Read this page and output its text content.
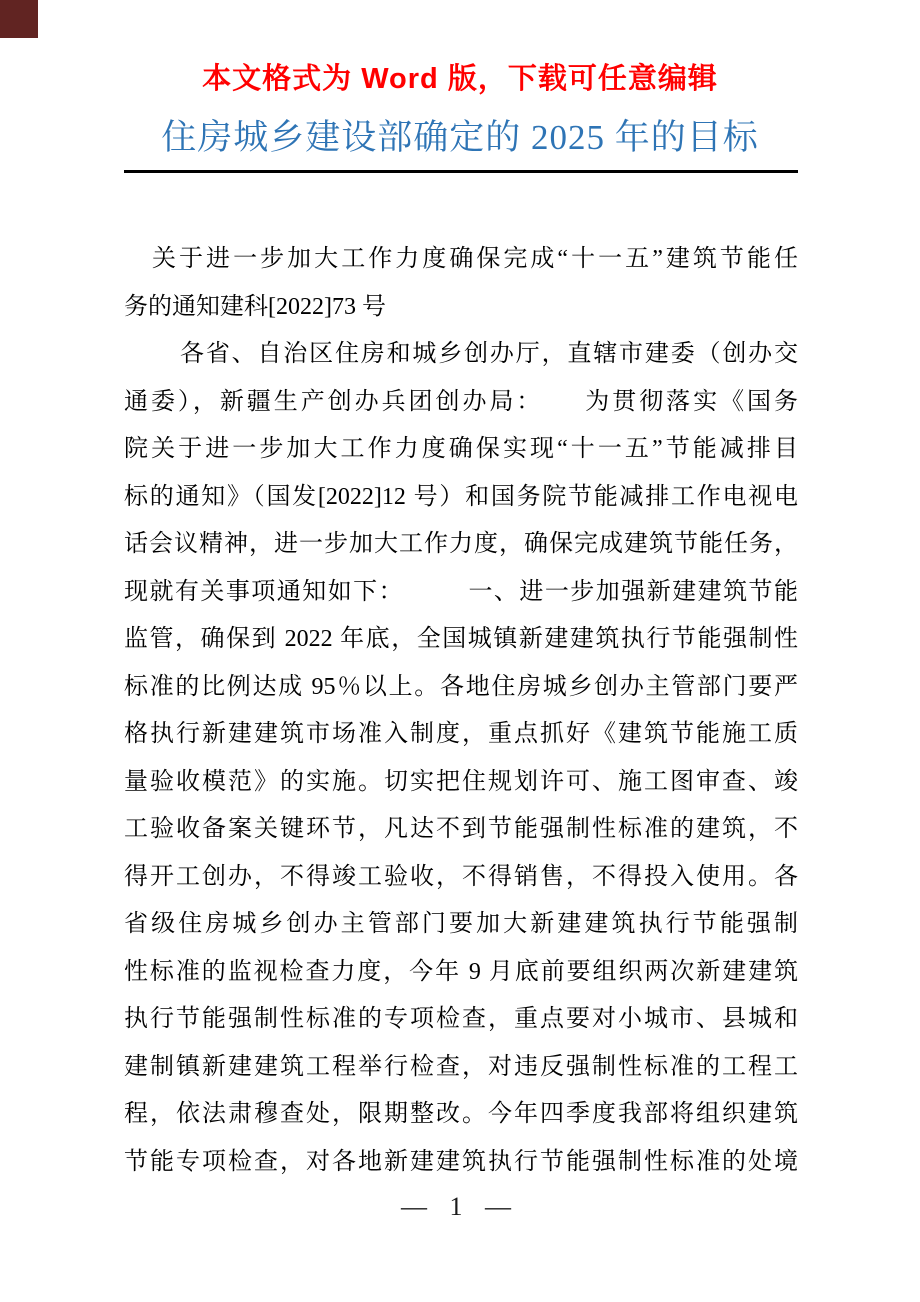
本文格式为 Word 版，下载可任意编辑
住房城乡建设部确定的 2025 年的目标
关于进一步加大工作力度确保完成“十一五”建筑节能任
务的通知建科[2022]73 号
各省、自治区住房和城乡创办厅，直辖市建委（创办交
通委），新疆生产创办兵团创办局：　　为贯彻落实《国务
院关于进一步加大工作力度确保实现“十一五”节能减排目
标的通知》（国发[2022]12 号）和国务院节能减排工作电视电
话会议精神，进一步加大工作力度，确保完成建筑节能任务，
现就有关事项通知如下：　　　一、进一步加强新建建筑节能
监管，确保到 2022 年底，全国城镇新建建筑执行节能强制性
标准的比例达成 95％以上。各地住房城乡创办主管部门要严
格执行新建建筑市场准入制度，重点抓好《建筑节能施工质
量验收模范》的实施。切实把住规划许可、施工图审查、竣
工验收备案关键环节，凡达不到节能强制性标准的建筑，不
得开工创办，不得竣工验收，不得销售，不得投入使用。各
省级住房城乡创办主管部门要加大新建建筑执行节能强制
性标准的监视检查力度，今年 9 月底前要组织两次新建建筑
执行节能强制性标准的专项检查，重点要对小城市、县城和
建制镇新建建筑工程举行检查，对违反强制性标准的工程工
程，依法肃穆查处，限期整改。今年四季度我部将组织建筑
节能专项检查，对各地新建建筑执行节能强制性标准的处境
— 1 —
